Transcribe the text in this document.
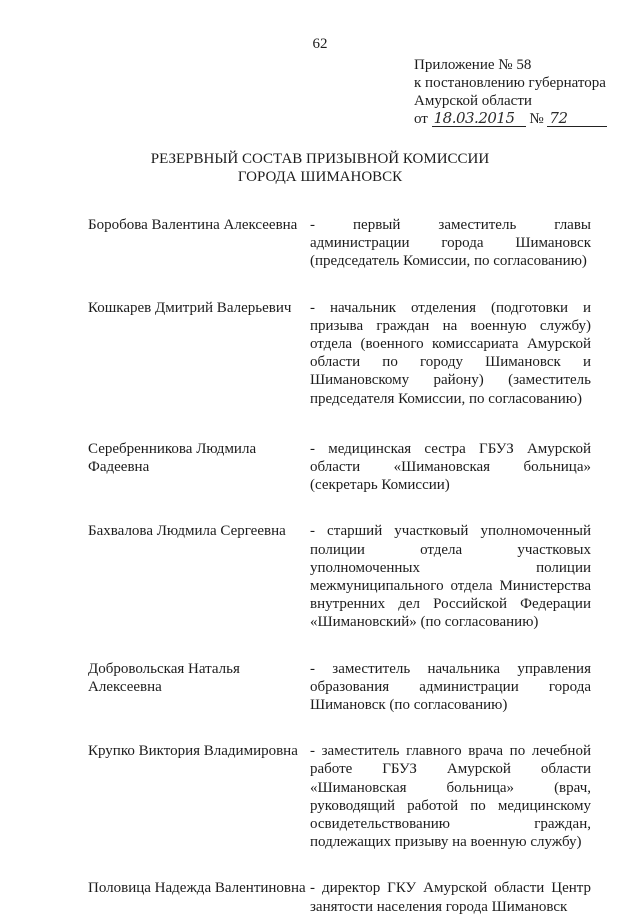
62
Приложение № 58
к постановлению губернатора
Амурской области
от 18.03.2015 № 72
РЕЗЕРВНЫЙ СОСТАВ ПРИЗЫВНОЙ КОМИССИИ
ГОРОДА ШИМАНОВСК
Боробова Валентина Алексеевна - первый заместитель главы администрации города Шимановск (председатель Комиссии, по согласованию)
Кошкарев Дмитрий Валерьевич	- начальник отделения (подготовки и призыва граждан на военную службу) отдела (военного комиссариата Амурской области по городу Шимановск и Шимановскому району) (заместитель председателя Комиссии, по согласованию)
Серебренникова Людмила Фадеевна
- медицинская сестра ГБУЗ Амурской области «Шимановская больница» (секретарь Комиссии)
Бахвалова Людмила Сергеевна	- старший участковый уполномоченный полиции отдела участковых уполномоченных полиции межмуниципального отдела Министерства внутренних дел Российской Федерации «Шимановский» (по согласованию)
Добровольская Наталья Алексеевна
- заместитель начальника управления образования администрации города Шимановск (по согласованию)
Крупко Виктория Владимировна - заместитель главного врача по лечебной работе ГБУЗ Амурской области «Шимановская больница» (врач, руководящий работой по медицинскому освидетельствованию граждан, подлежащих призыву на военную службу)
Половица Надежда Валентиновна - директор ГКУ Амурской области Центр занятости населения города Шимановск
